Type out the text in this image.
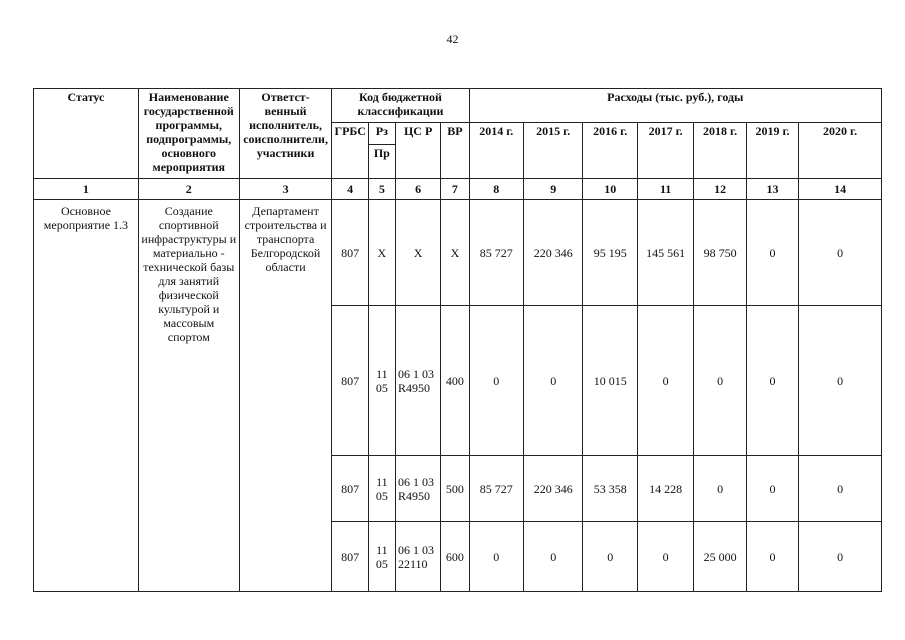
42
Статус	Наименование государственной программы, подпрограммы, основного мероприятия	Ответст-венный исполнитель, соисполнители, участники	Код бюджетной классификации				Расходы (тыс. руб.), годы						
			ГРБС	Рз	ЦС Р	ВР	2014 г.	2015 г.	2016 г.	2017 г.	2018 г.	2019 г.	2020 г.
				Пр									
1	2	3	4	5	6	7	8	9	10	11	12	13	14
Основное мероприятие 1.3	Создание спортивной инфраструктуры и материально - технической базы для занятий физической культурой и массовым спортом	Департамент строительства и транспорта Белгородской области	807	X	X	X	85 727	220 346	95 195	145 561	98 750	0	0
			807	11 05	06 1 03 R4950	400	0	0	10 015	0	0	0	0
			807	11 05	06 1 03 R4950	500	85 727	220 346	53 358	14 228	0	0	0
			807	11 05	06 1 03 22110	600	0	0	0	0	25 000	0	0
